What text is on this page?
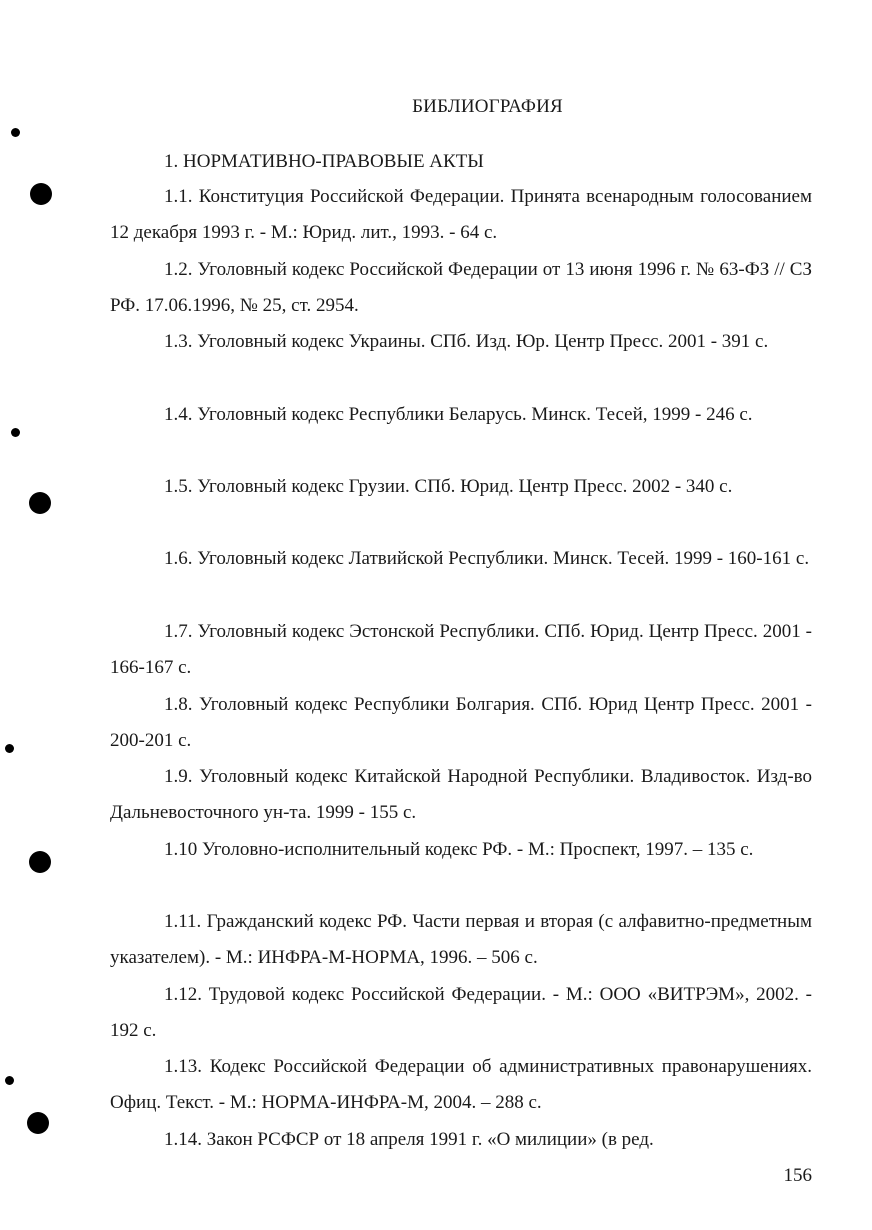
БИБЛИОГРАФИЯ
1. НОРМАТИВНО-ПРАВОВЫЕ АКТЫ
1.1. Конституция Российской Федерации. Принята всенародным голосованием 12 декабря 1993 г. - М.: Юрид. лит., 1993. - 64 с.
1.2. Уголовный кодекс Российской Федерации от 13 июня 1996 г. № 63-ФЗ // СЗ РФ. 17.06.1996, № 25, ст. 2954.
1.3. Уголовный кодекс Украины. СПб. Изд. Юр. Центр Пресс. 2001 - 391 с.
1.4. Уголовный кодекс Республики Беларусь. Минск. Тесей, 1999 - 246 с.
1.5. Уголовный кодекс Грузии. СПб. Юрид. Центр Пресс. 2002 - 340 с.
1.6. Уголовный кодекс Латвийской Республики. Минск. Тесей. 1999 - 160-161 с.
1.7. Уголовный кодекс Эстонской Республики. СПб. Юрид. Центр Пресс. 2001 - 166-167 с.
1.8. Уголовный кодекс Республики Болгария. СПб. Юрид Центр Пресс. 2001 - 200-201 с.
1.9. Уголовный кодекс Китайской Народной Республики. Владивосток. Изд-во Дальневосточного ун-та. 1999 - 155 с.
1.10 Уголовно-исполнительный кодекс РФ. - М.: Проспект, 1997. – 135 с.
1.11. Гражданский кодекс РФ. Части первая и вторая (с алфавитно-предметным указателем). - М.: ИНФРА-М-НОРМА, 1996. – 506 с.
1.12. Трудовой кодекс Российской Федерации. - М.: ООО «ВИТРЭМ», 2002. - 192 с.
1.13. Кодекс Российской Федерации об административных правонарушениях. Офиц. Текст. - М.: НОРМА-ИНФРА-М, 2004. – 288 с.
1.14. Закон РСФСР от 18 апреля 1991 г. «О милиции» (в ред.
156
